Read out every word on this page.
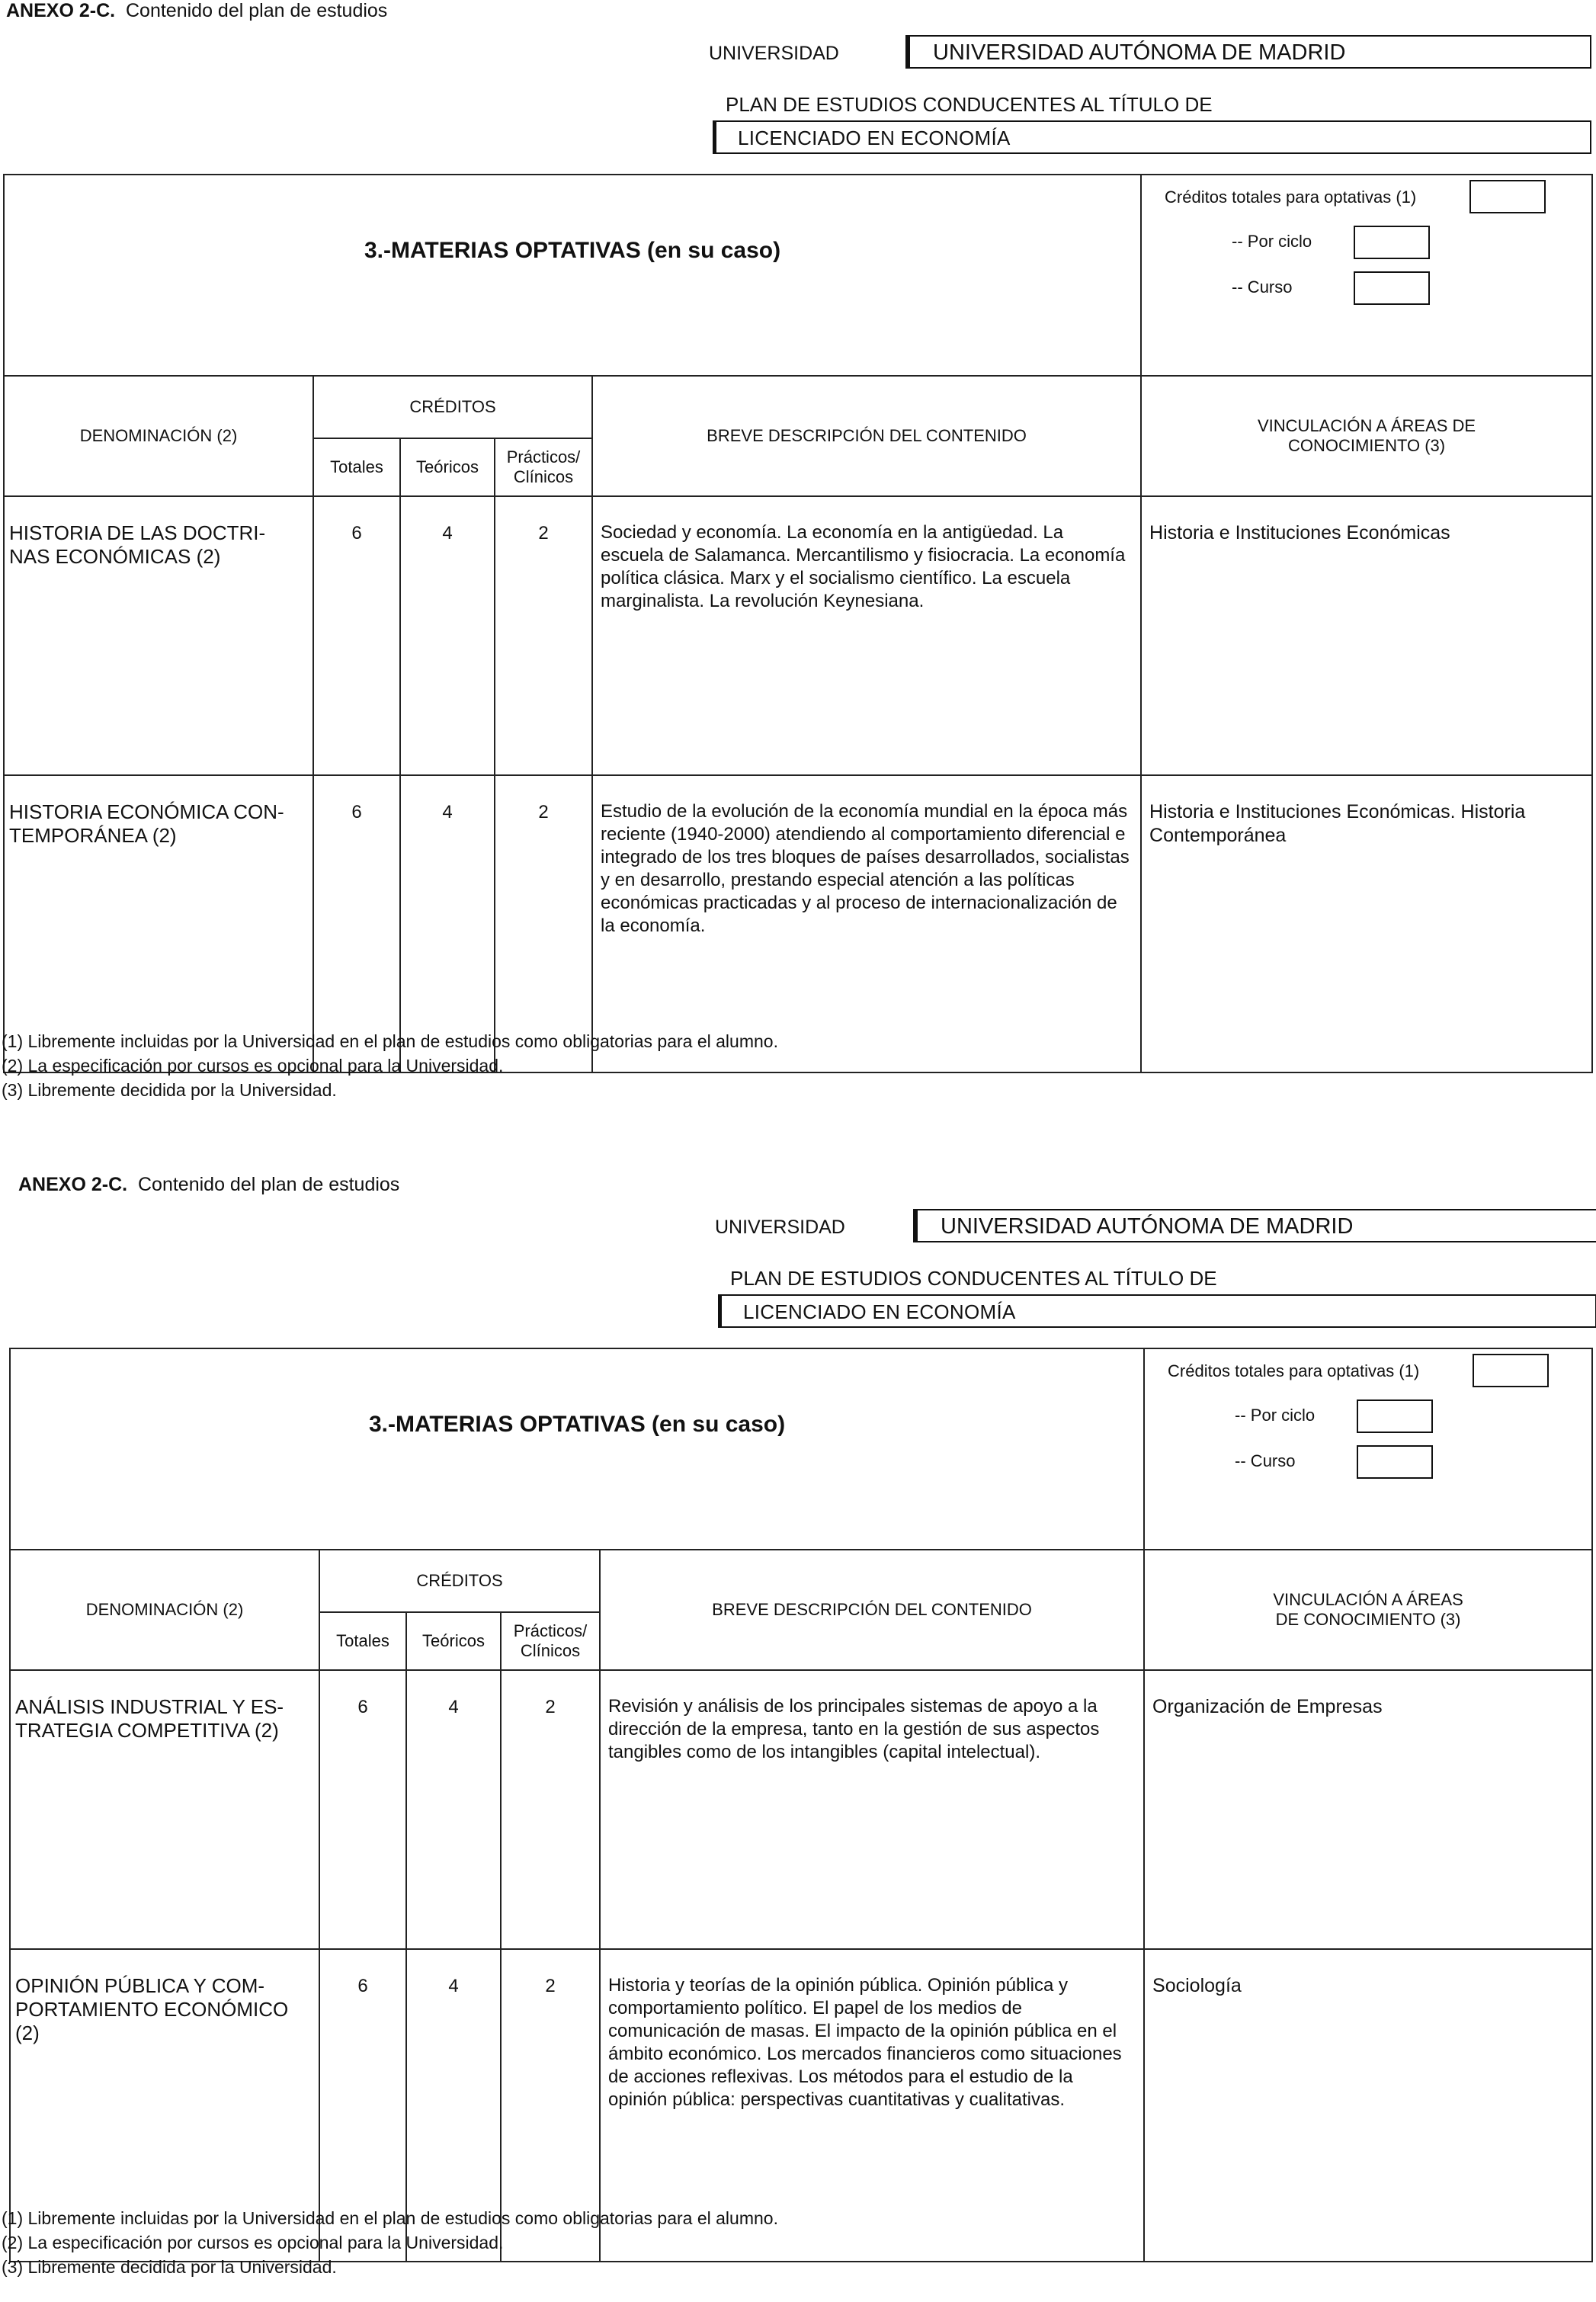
ANEXO 2-C. Contenido del plan de estudios
UNIVERSIDAD	UNIVERSIDAD AUTÓNOMA DE MADRID
PLAN DE ESTUDIOS CONDUCENTES AL TÍTULO DE
LICENCIADO EN ECONOMÍA
3.-MATERIAS OPTATIVAS (en su caso)					Créditos totales para optativas (1)
-- Por ciclo
-- Curso

DENOMINACIÓN (2)	CRÉDITOS			BREVE DESCRIPCIÓN DEL CONTENIDO	VINCULACIÓN A ÁREAS DE CONOCIMIENTO (3)
	Totales	Teóricos	Prácticos/ Clínicos		
HISTORIA DE LAS DOCTRI-NAS ECONÓMICAS (2)	6	4	2	Sociedad y economía. La economía en la antigüedad. La escuela de Salamanca. Mercantilismo y fisiocracia. La economía política clásica. Marx y el socialismo científico. La escuela marginalista. La revolución Keynesiana.	Historia e Instituciones Económicas
HISTORIA ECONÓMICA CON-TEMPORÁNEA (2)	6	4	2	Estudio de la evolución de la economía mundial en la época más reciente (1940-2000) atendiendo al comportamiento diferencial e integrado de los tres bloques de países desarrollados, socialistas y en desarrollo, prestando especial atención a las políticas económicas practicadas y al proceso de internacionalización de la economía.	Historia e Instituciones Económicas. Historia Contemporánea
(1) Libremente incluidas por la Universidad en el plan de estudios como obligatorias para el alumno.
(2) La especificación por cursos es opcional para la Universidad.
(3) Libremente decidida por la Universidad.
ANEXO 2-C. Contenido del plan de estudios
UNIVERSIDAD	UNIVERSIDAD AUTÓNOMA DE MADRID
PLAN DE ESTUDIOS CONDUCENTES AL TÍTULO DE
LICENCIADO EN ECONOMÍA
3.-MATERIAS OPTATIVAS (en su caso)					Créditos totales para optativas (1)
-- Por ciclo
-- Curso

DENOMINACIÓN (2)	CRÉDITOS			BREVE DESCRIPCIÓN DEL CONTENIDO	VINCULACIÓN A ÁREAS DE CONOCIMIENTO (3)
	Totales	Teóricos	Prácticos/ Clínicos		
ANÁLISIS INDUSTRIAL Y ES-TRATEGIA COMPETITIVA (2)	6	4	2	Revisión y análisis de los principales sistemas de apoyo a la dirección de la empresa, tanto en la gestión de sus aspectos tangibles como de los intangibles (capital intelectual).	Organización de Empresas
OPINIÓN PÚBLICA Y COM-PORTAMIENTO ECONÓMICO (2)	6	4	2	Historia y teorías de la opinión pública. Opinión pública y comportamiento político. El papel de los medios de comunicación de masas. El impacto de la opinión pública en el ámbito económico. Los mercados financieros como situaciones de acciones reflexivas. Los métodos para el estudio de la opinión pública: perspectivas cuantitativas y cualitativas.	Sociología
(1) Libremente incluidas por la Universidad en el plan de estudios como obligatorias para el alumno.
(2) La especificación por cursos es opcional para la Universidad.
(3) Libremente decidida por la Universidad.
